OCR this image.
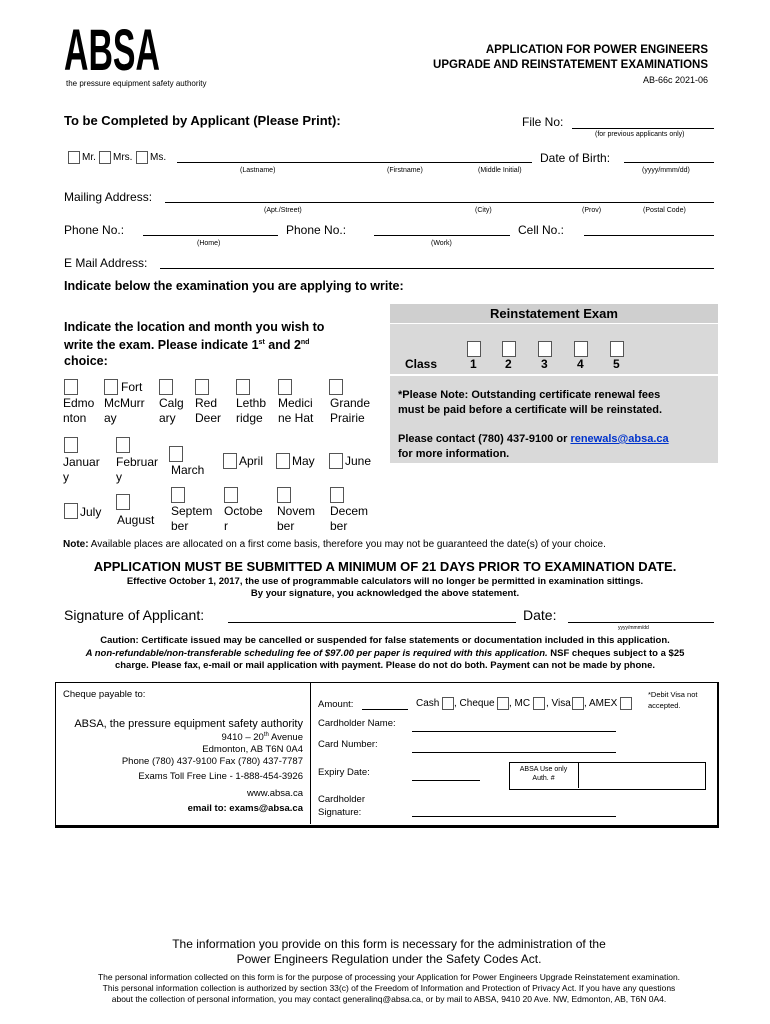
ABSA
the pressure equipment safety authority
APPLICATION FOR POWER ENGINEERS
UPGRADE AND REINSTATEMENT EXAMINATIONS
AB-66c 2021-06
To be Completed by Applicant (Please Print):	File No:
(for previous applicants only)
Mr. Mrs. Ms.
(Lastname)	(Firstname)	(Middle Initial)
Date of Birth:
(yyyy/mmm/dd)
Mailing Address:
(Apt./Street)	(City)	(Prov)	(Postal Code)
Phone No.:
(Home)
Phone No.:
(Work)
Cell No.:
E Mail Address:
Indicate below the examination you are applying to write:
Indicate the location and month you wish to
write the exam. Please indicate 1st and 2nd
choice:
Reinstatement Exam
Class	1 2 3 4 5
*Please Note: Outstanding certificate renewal fees
must be paid before a certificate will be reinstated.
Please contact (780) 437-9100 or renewals@absa.ca
for more information.
Edmo
nton
Fort
McMurr
ay
Calg
ary
Red
Deer
Lethb
ridge
Medici
ne Hat
Grande
Prairie
Januar
y
Februar
y	March
April May	June
July
August
Septem
ber
Octobe
r
Novem
ber
Decem
ber
Note: Available places are allocated on a first come basis, therefore you may not be guaranteed the date(s) of your choice.
APPLICATION MUST BE SUBMITTED A MINIMUM OF 21 DAYS PRIOR TO EXAMINATION DATE.
Effective October 1, 2017, the use of programmable calculators will no longer be permitted in examination sittings.
By your signature, you acknowledged the above statement.
Signature of Applicant:	Date:
yyyy/mmm/dd
Caution: Certificate issued may be cancelled or suspended for false statements or documentation included in this application.
A non-refundable/non-transferable scheduling fee of $97.00 per paper is required with this application. NSF cheques subject to a $25
charge. Please fax, e-mail or mail application with payment. Please do not do both. Payment can not be made by phone.
Cheque payable to:
ABSA, the pressure equipment safety authority
9410 – 20th Avenue
Edmonton, AB T6N 0A4
Phone (780) 437-9100 Fax (780) 437-7787
Exams Toll Free Line - 1-888-454-3926
www.absa.ca
email to: exams@absa.ca
Amount:	Cash , Cheque , MC , Visa , AMEX
*Debit Visa not
accepted.
Cardholder Name:
Card Number:
Expiry Date:	ABSA Use only
Auth. #
Cardholder
Signature:
The information you provide on this form is necessary for the administration of the
Power Engineers Regulation under the Safety Codes Act.
The personal information collected on this form is for the purpose of processing your Application for Power Engineers Upgrade Reinstatement examination.
This personal information collection is authorized by section 33(c) of the Freedom of Information and Protection of Privacy Act. If you have any questions
about the collection of personal information, you may contact generalinq@absa.ca, or by mail to ABSA, 9410 20 Ave. NW, Edmonton, AB, T6N 0A4.
